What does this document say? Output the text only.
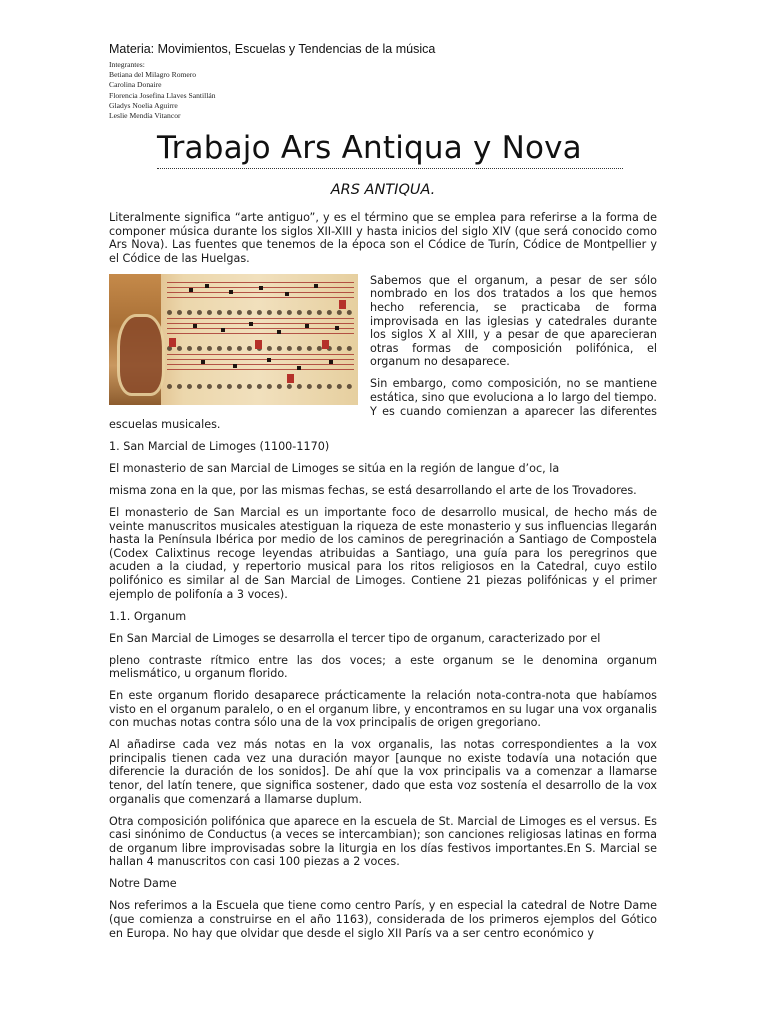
Materia: Movimientos, Escuelas y Tendencias de la música
Integrantes:
Betiana del Milagro Romero
Carolina Donaire
Florencia Josefina Llaves Santillán
Gladys Noelia Aguirre
Leslie Mendía Vitancor
Trabajo Ars Antiqua y Nova
ARS ANTIQUA.

Literalmente significa “arte antiguo”, y es el término que se emplea para referirse a la forma de componer música durante los siglos XII-XIII y hasta inicios del siglo XIV (que será conocido como Ars Nova). Las fuentes que tenemos de la época son el Códice de Turín, Códice de Montpellier y el Códice de las Huelgas.

Sabemos que el organum, a pesar de ser sólo nombrado en los dos tratados a los que hemos hecho referencia, se practicaba de forma improvisada en las iglesias y catedrales durante los siglos X al XIII, y a pesar de que aparecieran otras formas de composición polifónica, el organum no desaparece.

Sin embargo, como composición, no se mantiene estática, sino que evoluciona a lo largo del tiempo. Y es cuando comienzan a aparecer las diferentes escuelas musicales.

1. San Marcial de Limoges (1100-1170)

El monasterio de san Marcial de Limoges se sitúa en la región de langue d’oc, la

misma zona en la que, por las mismas fechas, se está desarrollando el arte de los Trovadores.

El monasterio de San Marcial es un importante foco de desarrollo musical, de hecho más de veinte manuscritos musicales atestiguan la riqueza de este monasterio y sus influencias llegarán hasta la Península Ibérica por medio de los caminos de peregrinación a Santiago de Compostela (Codex Calixtinus recoge leyendas atribuidas a Santiago, una guía para los peregrinos que acuden a la ciudad, y repertorio musical para los ritos religiosos en la Catedral, cuyo estilo polifónico es similar al de San Marcial de Limoges. Contiene 21 piezas polifónicas y el primer ejemplo de polifonía a 3 voces).

1.1. Organum

En San Marcial de Limoges se desarrolla el tercer tipo de organum, caracterizado por el

pleno contraste rítmico entre las dos voces; a este organum se le denomina organum melismático, u organum florido.

En este organum florido desaparece prácticamente la relación nota-contra-nota que habíamos visto en el organum paralelo, o en el organum libre, y encontramos en su lugar una vox organalis con muchas notas contra sólo una de la vox principalis de origen gregoriano.

Al añadirse cada vez más notas en la vox organalis, las notas correspondientes a la vox principalis tienen cada vez una duración mayor [aunque no existe todavía una notación que diferencie la duración de los sonidos]. De ahí que la vox principalis va a comenzar a llamarse tenor, del latín tenere, que significa sostener, dado que esta voz sostenía el desarrollo de la vox organalis que comenzará a llamarse duplum.

Otra composición polifónica que aparece en la escuela de St. Marcial de Limoges es el versus. Es casi sinónimo de Conductus (a veces se intercambian); son canciones religiosas latinas en forma de organum libre improvisadas sobre la liturgia en los días festivos importantes.En S. Marcial se hallan 4 manuscritos con casi 100 piezas a 2 voces.

Notre Dame

Nos referimos a la Escuela que tiene como centro París, y en especial la catedral de Notre Dame (que comienza a construirse en el año 1163), considerada de los primeros ejemplos del Gótico en Europa. No hay que olvidar que desde el siglo XII París va a ser centro económico y
